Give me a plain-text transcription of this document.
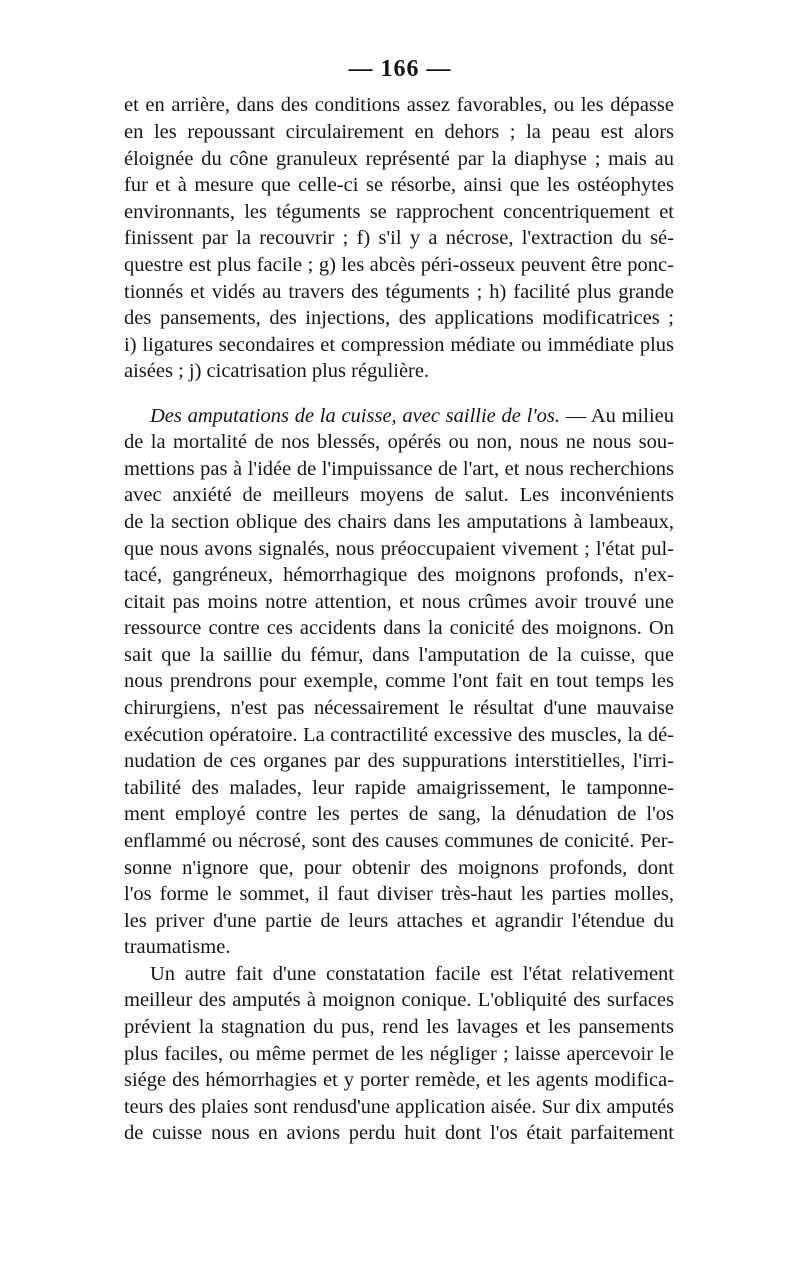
— 166 —
et en arrière, dans des conditions assez favorables, ou les dépasse
en les repoussant circulairement en dehors ; la peau est alors
éloignée du cône granuleux représenté par la diaphyse ; mais au
fur et à mesure que celle-ci se résorbe, ainsi que les ostéophytes
environnants, les téguments se rapprochent concentriquement et
finissent par la recouvrir ; f) s'il y a nécrose, l'extraction du sé-
questre est plus facile ; g) les abcès péri-osseux peuvent être ponc-
tionnés et vidés au travers des téguments ; h) facilité plus grande
des pansements, des injections, des applications modificatrices ;
i) ligatures secondaires et compression médiate ou immédiate plus
aisées ; j) cicatrisation plus régulière.
Des amputations de la cuisse, avec saillie de l'os. — Au milieu
de la mortalité de nos blessés, opérés ou non, nous ne nous sou-
mettions pas à l'idée de l'impuissance de l'art, et nous recherchions
avec anxiété de meilleurs moyens de salut. Les inconvénients
de la section oblique des chairs dans les amputations à lambeaux,
que nous avons signalés, nous préoccupaient vivement ; l'état pul-
tacé, gangréneux, hémorrhagique des moignons profonds, n'ex-
citait pas moins notre attention, et nous crûmes avoir trouvé une
ressource contre ces accidents dans la conicité des moignons. On
sait que la saillie du fémur, dans l'amputation de la cuisse, que
nous prendrons pour exemple, comme l'ont fait en tout temps les
chirurgiens, n'est pas nécessairement le résultat d'une mauvaise
exécution opératoire. La contractilité excessive des muscles, la dé-
nudation de ces organes par des suppurations interstitielles, l'irri-
tabilité des malades, leur rapide amaigrissement, le tamponne-
ment employé contre les pertes de sang, la dénudation de l'os
enflammé ou nécrosé, sont des causes communes de conicité. Per-
sonne n'ignore que, pour obtenir des moignons profonds, dont
l'os forme le sommet, il faut diviser très-haut les parties molles,
les priver d'une partie de leurs attaches et agrandir l'étendue du
traumatisme.
Un autre fait d'une constatation facile est l'état relativement
meilleur des amputés à moignon conique. L'obliquité des surfaces
prévient la stagnation du pus, rend les lavages et les pansements
plus faciles, ou même permet de les négliger ; laisse apercevoir le
siége des hémorrhagies et y porter remède, et les agents modifica-
teurs des plaies sont rendusd'une application aisée. Sur dix amputés
de cuisse nous en avions perdu huit dont l'os était parfaitement
